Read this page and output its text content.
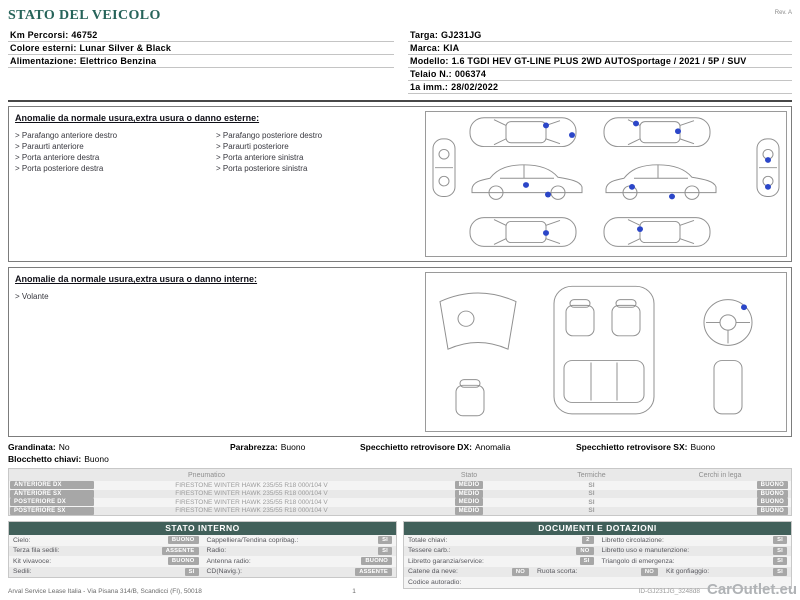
STATO DEL VEICOLO	Rev. A
Km Percorsi: 46752
Colore esterni: Lunar Silver & Black
Alimentazione: Elettrico Benzina
Targa: GJ231JG
Marca: KIA
Modello: 1.6 TGDI HEV GT-LINE PLUS 2WD AUTOSportage / 2021 / 5P / SUV
Telaio N.: 006374
1a imm.: 28/02/2022
Anomalie da normale usura,extra usura o danno esterne:
> Parafango anteriore destro
> Paraurti anteriore
> Porta anteriore destra
> Porta posteriore destra
> Parafango posteriore destro
> Paraurti posteriore
> Porta anteriore sinistra
> Porta posteriore sinistra
Anomalie da normale usura,extra usura o danno interne:
> Volante
Grandinata: No	Parabrezza: Buono	Specchietto retrovisore DX: Anomalia	Specchietto retrovisore SX: Buono
Blocchetto chiavi: Buono
Pneumatico	Stato	Termiche	Cerchi in lega
ANTERIORE DX	FIRESTONE WINTER HAWK 235/55 R18 000/104 V	MEDIO	SI	BUONO
ANTERIORE SX	FIRESTONE WINTER HAWK 235/55 R18 000/104 V	MEDIO	SI	BUONO
POSTERIORE DX	FIRESTONE WINTER HAWK 235/55 R18 000/104 V	MEDIO	SI	BUONO
POSTERIORE SX	FIRESTONE WINTER HAWK 235/55 R18 000/104 V	MEDIO	SI	BUONO
STATO INTERNO
Cielo:	BUONO	Cappelliera/Tendina copribag.:	SI
Terza fila sedili:	ASSENTE	Radio:	SI
Kit vivavoce:	BUONO	Antenna radio:	BUONO
Sedili:	SI	CD(Navig.):	ASSENTE
DOCUMENTI E DOTAZIONI
Totale chiavi:	2	Libretto circolazione:	SI
Tessere carb.:	NO	Libretto uso e manutenzione:	SI
Libretto garanzia/service:	SI	Triangolo di emergenza:	SI
Catene da neve:	NO	Ruota scorta:	NO	Kit gonfiaggio:	SI
Codice autoradio:
Arval Service Lease Italia - Via Pisana 314/B, Scandicci (FI), 50018	1	ID-GJ231JG_3248d8 CarOutlet.eu
